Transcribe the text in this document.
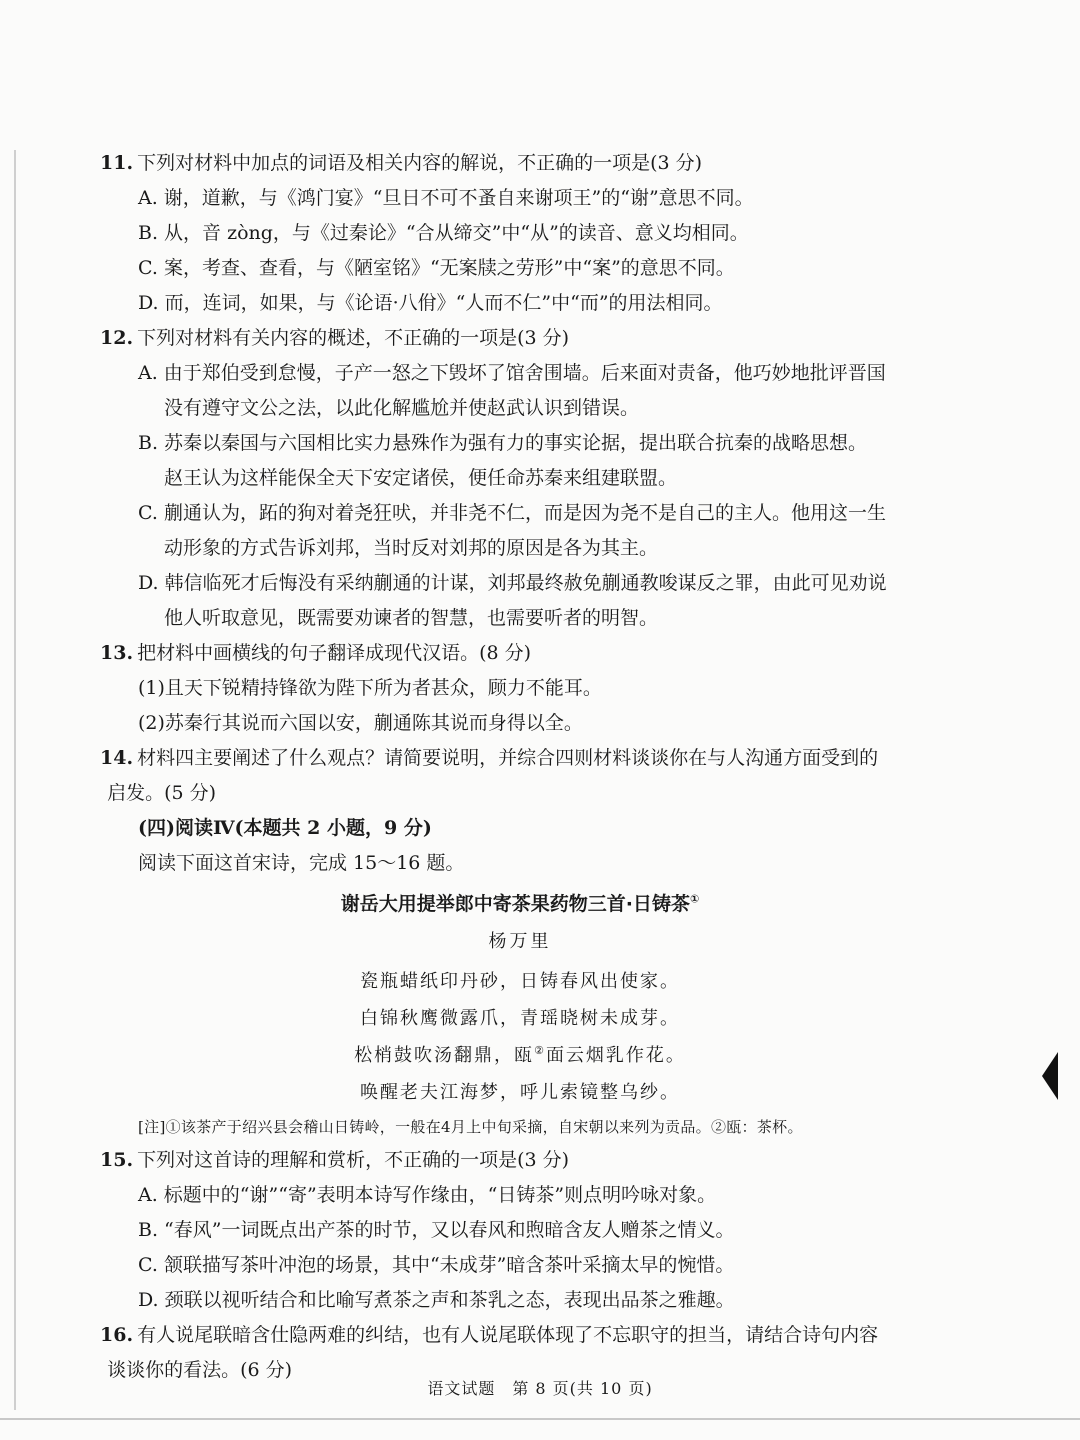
11. 下列对材料中加点的词语及相关内容的解说，不正确的一项是(3 分)
A. 谢，道歉，与《鸿门宴》“旦日不可不蚤自来谢项王”的“谢”意思不同。
B. 从，音 zòng，与《过秦论》“合从缔交”中“从”的读音、意义均相同。
C. 案，考查、查看，与《陋室铭》“无案牍之劳形”中“案”的意思不同。
D. 而，连词，如果，与《论语·八佾》“人而不仁”中“而”的用法相同。
12. 下列对材料有关内容的概述，不正确的一项是(3 分)
A. 由于郑伯受到怠慢，子产一怒之下毁坏了馆舍围墙。后来面对责备，他巧妙地批评晋国
没有遵守文公之法，以此化解尴尬并使赵武认识到错误。
B. 苏秦以秦国与六国相比实力悬殊作为强有力的事实论据，提出联合抗秦的战略思想。
赵王认为这样能保全天下安定诸侯，便任命苏秦来组建联盟。
C. 蒯通认为，跖的狗对着尧狂吠，并非尧不仁，而是因为尧不是自己的主人。他用这一生
动形象的方式告诉刘邦，当时反对刘邦的原因是各为其主。
D. 韩信临死才后悔没有采纳蒯通的计谋，刘邦最终赦免蒯通教唆谋反之罪，由此可见劝说
他人听取意见，既需要劝谏者的智慧，也需要听者的明智。
13. 把材料中画横线的句子翻译成现代汉语。(8 分)
(1)且天下锐精持锋欲为陛下所为者甚众，顾力不能耳。
(2)苏秦行其说而六国以安，蒯通陈其说而身得以全。
14. 材料四主要阐述了什么观点？请简要说明，并综合四则材料谈谈你在与人沟通方面受到的
启发。(5 分)
(四)阅读Ⅳ(本题共 2 小题，9 分)
阅读下面这首宋诗，完成 15～16 题。
谢岳大用提举郎中寄茶果药物三首·日铸茶①
杨万里
瓷瓶蜡纸印丹砂，日铸春风出使家。
白锦秋鹰微露爪，青瑶晓树未成芽。
松梢鼓吹汤翻鼎，瓯②面云烟乳作花。
唤醒老夫江海梦，呼儿索镜整乌纱。
[注]①该茶产于绍兴县会稽山日铸岭，一般在4月上中旬采摘，自宋朝以来列为贡品。②瓯：茶杯。
15. 下列对这首诗的理解和赏析，不正确的一项是(3 分)
A. 标题中的“谢”“寄”表明本诗写作缘由，“日铸茶”则点明吟咏对象。
B. “春风”一词既点出产茶的时节，又以春风和煦暗含友人赠茶之情义。
C. 颔联描写茶叶冲泡的场景，其中“未成芽”暗含茶叶采摘太早的惋惜。
D. 颈联以视听结合和比喻写煮茶之声和茶乳之态，表现出品茶之雅趣。
16. 有人说尾联暗含仕隐两难的纠结，也有人说尾联体现了不忘职守的担当，请结合诗句内容
谈谈你的看法。(6 分)
语文试题　第 8 页(共 10 页)
